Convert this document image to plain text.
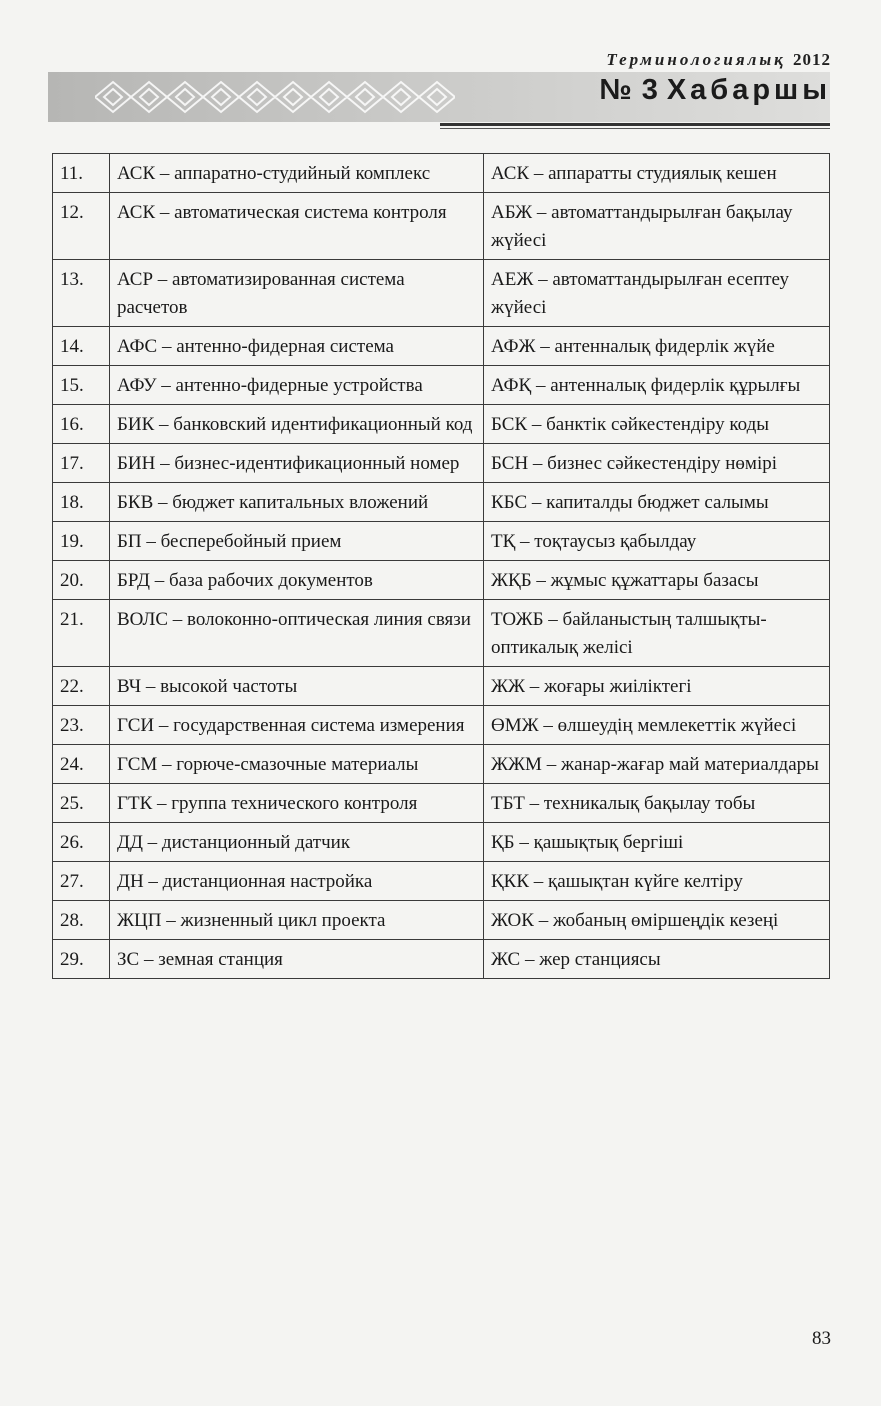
Терминологиялық 2012
№ 3 Хабаршы
11.	АСК – аппаратно-студийный комплекс	АСК – аппаратты студиялық кешен
12.	АСК – автоматическая система контроля	АБЖ – автоматтандырылған бақылау жүйесі
13.	АСР – автоматизированная система расчетов	АЕЖ – автоматтандырылған есептеу жүйесі
14.	АФС – антенно-фидерная система	АФЖ – антенналық фидерлік жүйе
15.	АФУ – антенно-фидерные устройства	АФҚ – антенналық фидерлік құрылғы
16.	БИК – банковский идентификационный код	БСК – банктік сәйкестендіру коды
17.	БИН – бизнес-идентификационный номер	БСН – бизнес сәйкестендіру нөмірі
18.	БКВ – бюджет капитальных вложений	КБС – капиталды бюджет салымы
19.	БП – бесперебойный прием	ТҚ – тоқтаусыз қабылдау
20.	БРД – база рабочих документов	ЖҚБ – жұмыс құжаттары базасы
21.	ВОЛС – волоконно-оптическая линия связи	ТОЖБ – байланыстың талшықты-оптикалық желісі
22.	ВЧ – высокой частоты	ЖЖ – жоғары жиіліктегі
23.	ГСИ – государственная система измерения	ӨМЖ – өлшеудің мемлекеттік жүйесі
24.	ГСМ – горюче-смазочные материалы	ЖЖМ – жанар-жағар май материалдары
25.	ГТК – группа технического контроля	ТБТ – техникалық бақылау тобы
26.	ДД – дистанционный датчик	ҚБ – қашықтық бергіші
27.	ДН – дистанционная настройка	ҚКК – қашықтан күйге келтіру
28.	ЖЦП – жизненный цикл проекта	ЖОК – жобаның өміршеңдік кезеңі
29.	ЗС – земная станция	ЖС – жер станциясы
83
